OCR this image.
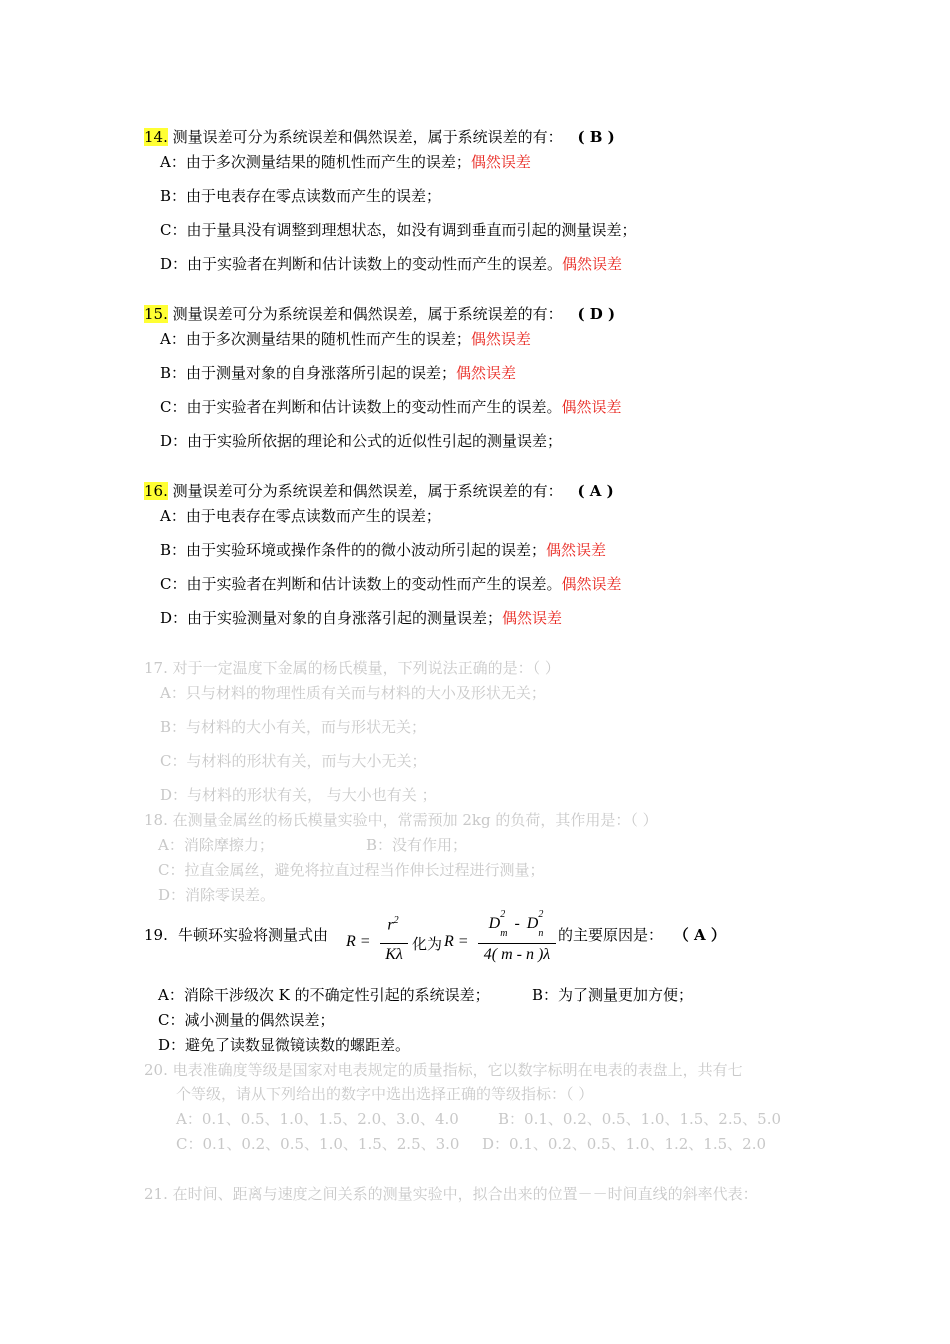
14. 测量误差可分为系统误差和偶然误差，属于系统误差的有： ( B )
A：由于多次测量结果的随机性而产生的误差；偶然误差
B：由于电表存在零点读数而产生的误差；
C：由于量具没有调整到理想状态，如没有调到垂直而引起的测量误差；
D：由于实验者在判断和估计读数上的变动性而产生的误差。偶然误差
15. 测量误差可分为系统误差和偶然误差，属于系统误差的有： ( D )
A：由于多次测量结果的随机性而产生的误差；偶然误差
B：由于测量对象的自身涨落所引起的误差；偶然误差
C：由于实验者在判断和估计读数上的变动性而产生的误差。偶然误差
D：由于实验所依据的理论和公式的近似性引起的测量误差；
16. 测量误差可分为系统误差和偶然误差，属于系统误差的有： ( A )
A：由于电表存在零点读数而产生的误差；
B：由于实验环境或操作条件的的微小波动所引起的误差；偶然误差
C：由于实验者在判断和估计读数上的变动性而产生的误差。偶然误差
D：由于实验测量对象的自身涨落引起的测量误差；偶然误差
17. 对于一定温度下金属的杨氏模量，下列说法正确的是：（ ）
A：只与材料的物理性质有关而与材料的大小及形状无关；
B：与材料的大小有关，而与形状无关；
C：与材料的形状有关，而与大小无关；
D：与材料的形状有关， 与大小也有关 ；
18. 在测量金属丝的杨氏模量实验中，常需预加 2kg 的负荷，其作用是：（ ）
A：消除摩擦力；	B：没有作用；
C：拉直金属丝，避免将拉直过程当作伸长过程进行测量；
D：消除零误差。
19. 牛顿环实验将测量式由 R =
$r^2$
Kλ
化为 R =
D
2
$_m$ - D
2
$_n$
4( m - n )λ
的主要原因是： （ A ）
A：消除干涉级次 K 的不确定性引起的系统误差；	B：为了测量更加方便；
C：减小测量的偶然误差；
D：避免了读数显微镜读数的螺距差。
20. 电表准确度等级是国家对电表规定的质量指标，它以数字标明在电表的表盘上，共有七
个等级，请从下列给出的数字中选出选择正确的等级指标：（ ）
A：0.1、0.5、1.0、1.5、2.0、3.0、4.0	B：0.1、0.2、0.5、1.0、1.5、2.5、5.0
C：0.1、0.2、0.5、1.0、1.5、2.5、3.0 D：0.1、0.2、0.5、1.0、1.2、1.5、2.0
21. 在时间、距离与速度之间关系的测量实验中，拟合出来的位置－－时间直线的斜率代表：
